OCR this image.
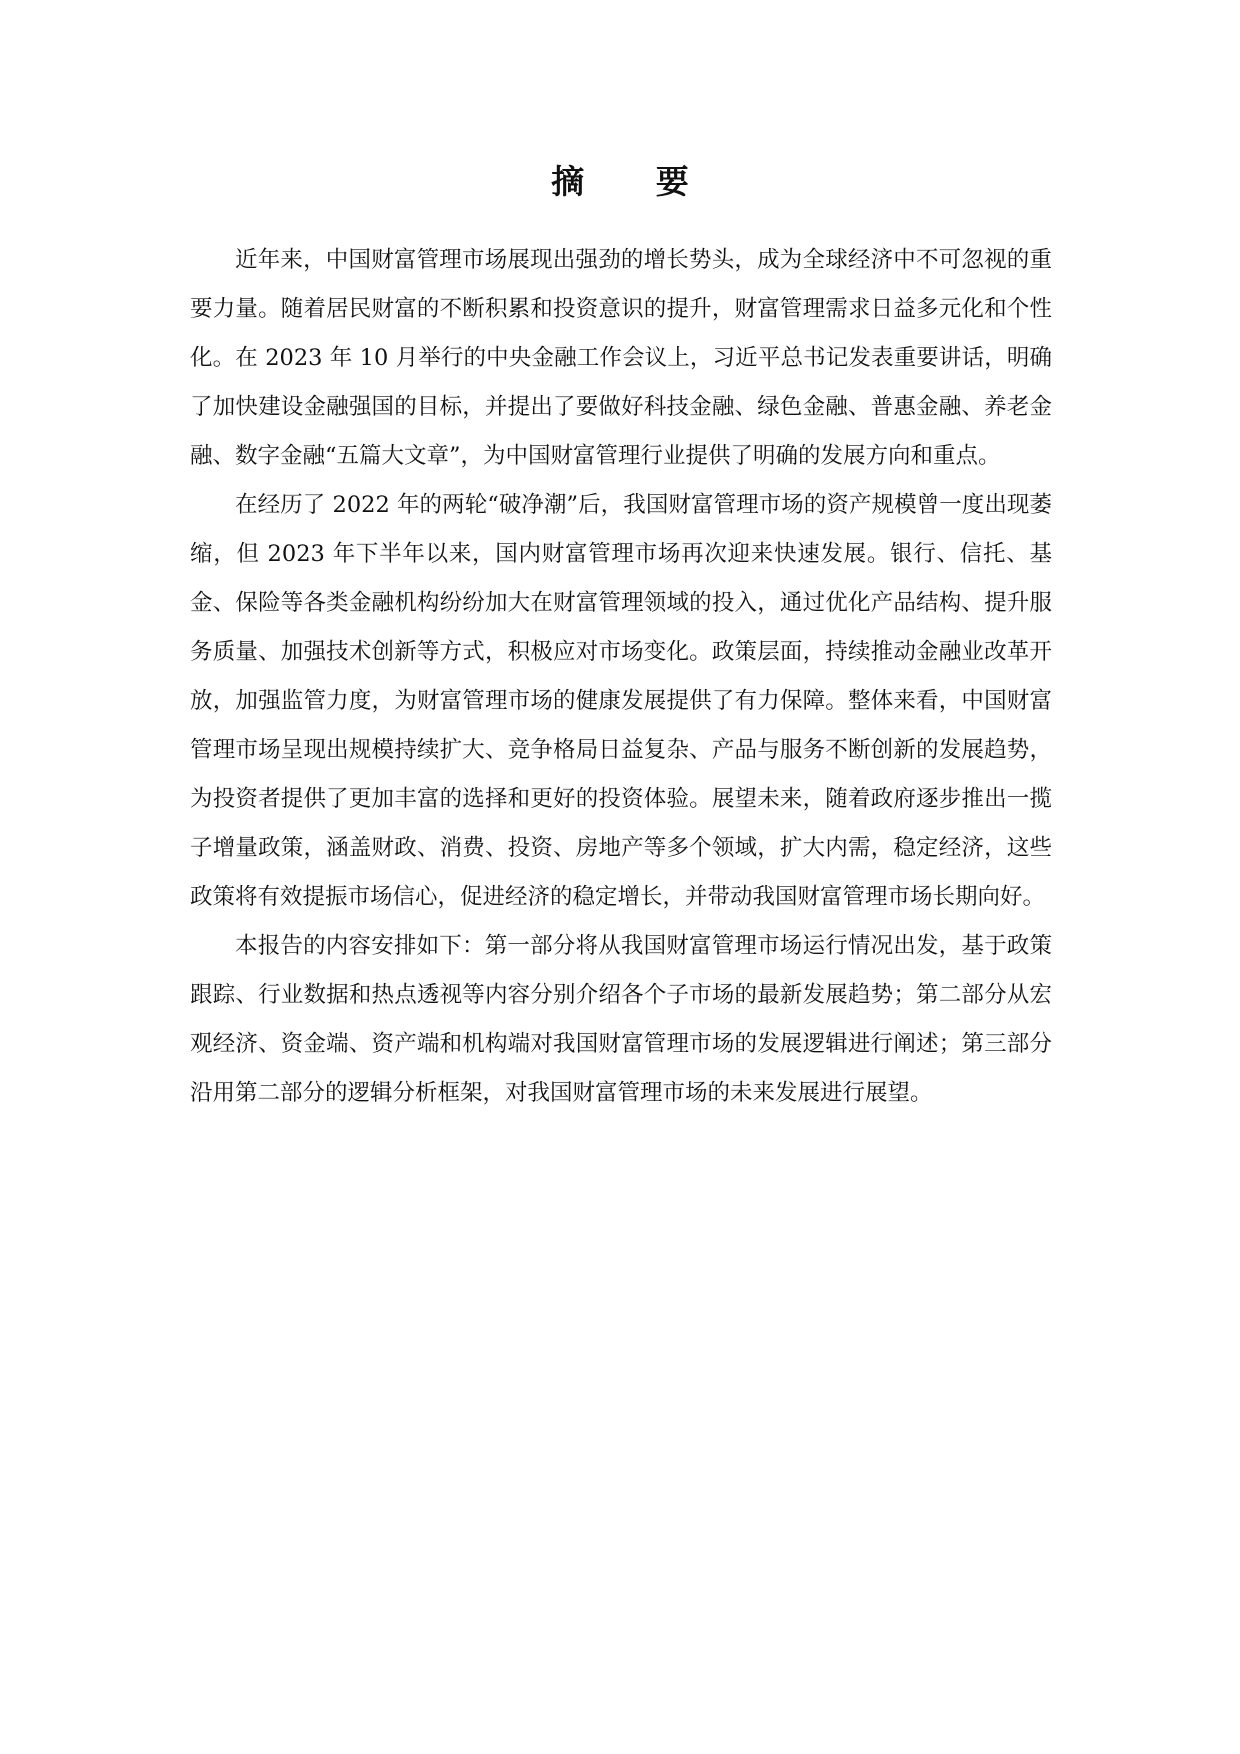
摘 要

近年来，中国财富管理市场展现出强劲的增长势头，成为全球经济中不可忽视的重要力量。随着居民财富的不断积累和投资意识的提升，财富管理需求日益多元化和个性化。在 2023 年 10 月举行的中央金融工作会议上，习近平总书记发表重要讲话，明确了加快建设金融强国的目标，并提出了要做好科技金融、绿色金融、普惠金融、养老金融、数字金融“五篇大文章”，为中国财富管理行业提供了明确的发展方向和重点。

在经历了 2022 年的两轮“破净潮”后，我国财富管理市场的资产规模曾一度出现萎缩，但 2023 年下半年以来，国内财富管理市场再次迎来快速发展。银行、信托、基金、保险等各类金融机构纷纷加大在财富管理领域的投入，通过优化产品结构、提升服务质量、加强技术创新等方式，积极应对市场变化。政策层面，持续推动金融业改革开放，加强监管力度，为财富管理市场的健康发展提供了有力保障。整体来看，中国财富管理市场呈现出规模持续扩大、竞争格局日益复杂、产品与服务不断创新的发展趋势，为投资者提供了更加丰富的选择和更好的投资体验。展望未来，随着政府逐步推出一揽子增量政策，涵盖财政、消费、投资、房地产等多个领域，扩大内需，稳定经济，这些政策将有效提振市场信心，促进经济的稳定增长，并带动我国财富管理市场长期向好。

本报告的内容安排如下：第一部分将从我国财富管理市场运行情况出发，基于政策跟踪、行业数据和热点透视等内容分别介绍各个子市场的最新发展趋势；第二部分从宏观经济、资金端、资产端和机构端对我国财富管理市场的发展逻辑进行阐述；第三部分沿用第二部分的逻辑分析框架，对我国财富管理市场的未来发展进行展望。
